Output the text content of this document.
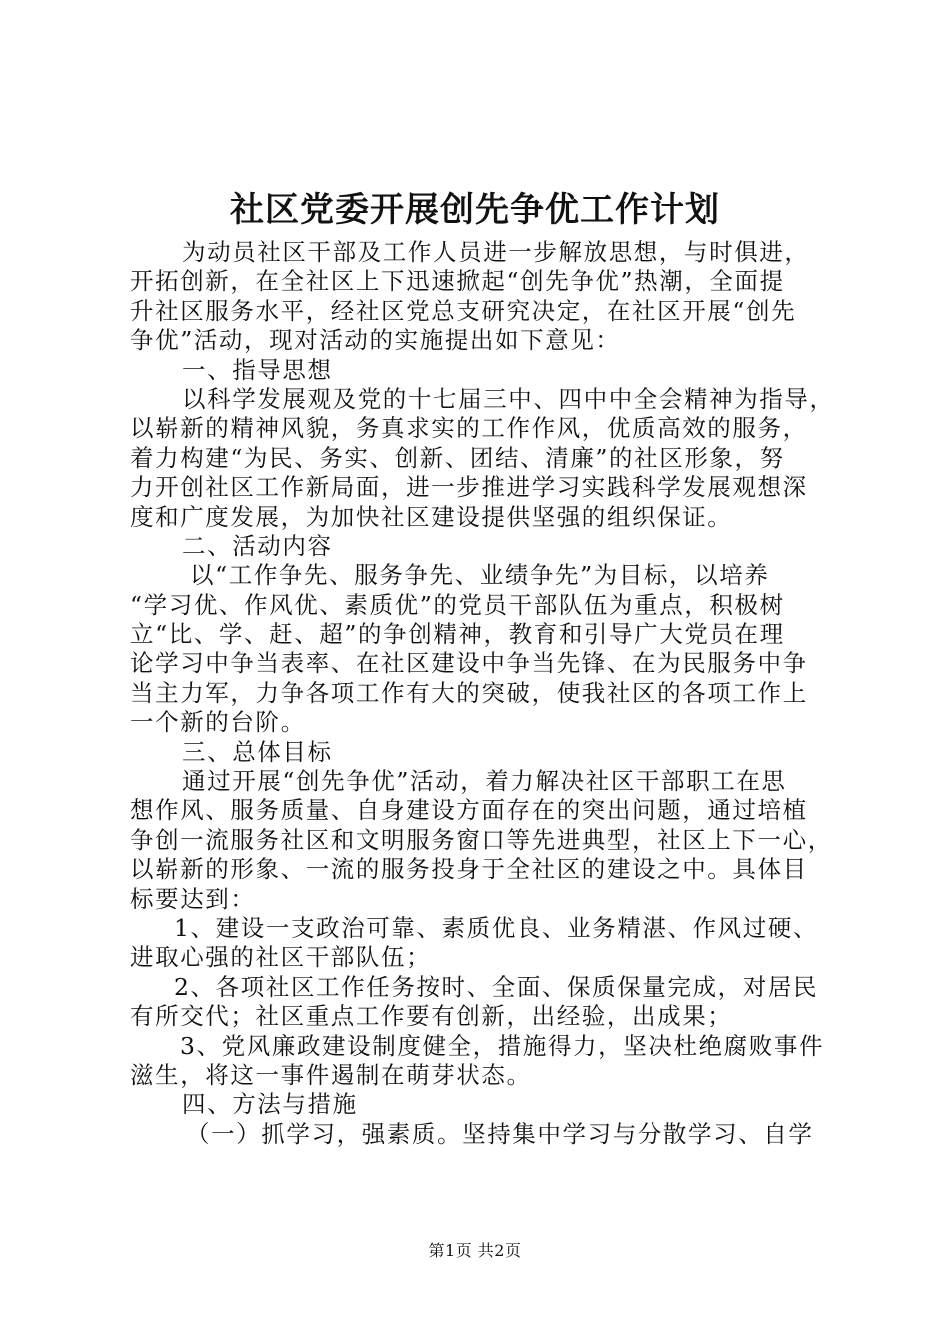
社区党委开展创先争优工作计划
为动员社区干部及工作人员进一步解放思想，与时俱进，
开拓创新，在全社区上下迅速掀起“创先争优”热潮，全面提
升社区服务水平，经社区党总支研究决定，在社区开展“创先
争优”活动，现对活动的实施提出如下意见：
一、指导思想
以科学发展观及党的十七届三中、四中中全会精神为指导，
以崭新的精神风貌，务真求实的工作作风，优质高效的服务，
着力构建“为民、务实、创新、团结、清廉”的社区形象，努
力开创社区工作新局面，进一步推进学习实践科学发展观想深
度和广度发展，为加快社区建设提供坚强的组织保证。
二、活动内容
以“工作争先、服务争先、业绩争先”为目标，以培养
“学习优、作风优、素质优”的党员干部队伍为重点，积极树
立“比、学、赶、超”的争创精神，教育和引导广大党员在理
论学习中争当表率、在社区建设中争当先锋、在为民服务中争
当主力军，力争各项工作有大的突破，使我社区的各项工作上
一个新的台阶。
三、总体目标
通过开展“创先争优”活动，着力解决社区干部职工在思
想作风、服务质量、自身建设方面存在的突出问题，通过培植
争创一流服务社区和文明服务窗口等先进典型，社区上下一心，
以崭新的形象、一流的服务投身于全社区的建设之中。具体目
标要达到：
1、建设一支政治可靠、素质优良、业务精湛、作风过硬、
进取心强的社区干部队伍；
2、各项社区工作任务按时、全面、保质保量完成，对居民
有所交代；社区重点工作要有创新，出经验，出成果；
3、党风廉政建设制度健全，措施得力，坚决杜绝腐败事件
滋生，将这一事件遏制在萌芽状态。
四、方法与措施
（一）抓学习，强素质。坚持集中学习与分散学习、自学
第1页 共2页
